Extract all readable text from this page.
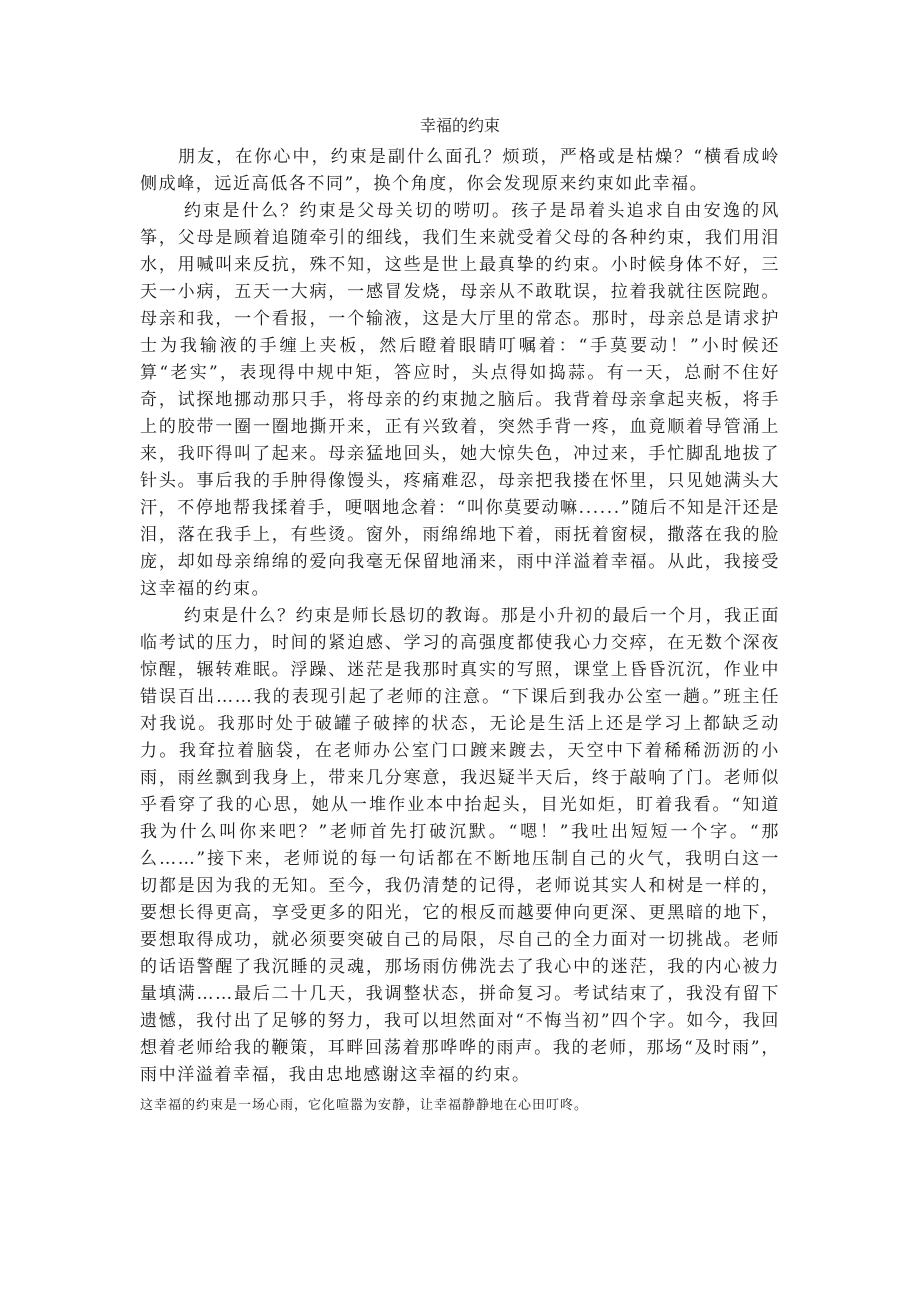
幸福的约束

朋友，在你心中，约束是副什么面孔？烦琐，严格或是枯燥？“横看成岭侧成峰，远近高低各不同”，换个角度，你会发现原来约束如此幸福。

约束是什么？约束是父母关切的唠叨。孩子是昂着头追求自由安逸的风筝，父母是顾着追随牵引的细线，我们生来就受着父母的各种约束，我们用泪水，用喊叫来反抗，殊不知，这些是世上最真挚的约束。小时候身体不好，三天一小病，五天一大病，一感冒发烧，母亲从不敢耽误，拉着我就往医院跑。母亲和我，一个看报，一个输液，这是大厅里的常态。那时，母亲总是请求护士为我输液的手缠上夹板，然后瞪着眼睛叮嘱着：“手莫要动！”小时候还算“老实”，表现得中规中矩，答应时，头点得如捣蒜。有一天，总耐不住好奇，试探地挪动那只手，将母亲的约束抛之脑后。我背着母亲拿起夹板，将手上的胶带一圈一圈地撕开来，正有兴致着，突然手背一疼，血竟顺着导管涌上来，我吓得叫了起来。母亲猛地回头，她大惊失色，冲过来，手忙脚乱地拔了针头。事后我的手肿得像馒头，疼痛难忍，母亲把我搂在怀里，只见她满头大汗，不停地帮我揉着手，哽咽地念着：“叫你莫要动嘛......”随后不知是汗还是泪，落在我手上，有些烫。窗外，雨绵绵地下着，雨抚着窗棂，撒落在我的脸庞，却如母亲绵绵的爱向我毫无保留地涌来，雨中洋溢着幸福。从此，我接受这幸福的约束。

约束是什么？约束是师长恳切的教诲。那是小升初的最后一个月，我正面临考试的压力，时间的紧迫感、学习的高强度都使我心力交瘁，在无数个深夜惊醒，辗转难眠。浮躁、迷茫是我那时真实的写照，课堂上昏昏沉沉，作业中错误百出……我的表现引起了老师的注意。“下课后到我办公室一趟。”班主任对我说。我那时处于破罐子破摔的状态，无论是生活上还是学习上都缺乏动力。我耷拉着脑袋，在老师办公室门口踱来踱去，天空中下着稀稀沥沥的小雨，雨丝飘到我身上，带来几分寒意，我迟疑半天后，终于敲响了门。老师似乎看穿了我的心思，她从一堆作业本中抬起头，目光如炬，盯着我看。“知道我为什么叫你来吧？”老师首先打破沉默。“嗯！”我吐出短短一个字。“那么……”接下来，老师说的每一句话都在不断地压制自己的火气，我明白这一切都是因为我的无知。至今，我仍清楚的记得，老师说其实人和树是一样的，要想长得更高，享受更多的阳光，它的根反而越要伸向更深、更黑暗的地下，要想取得成功，就必须要突破自己的局限，尽自己的全力面对一切挑战。老师的话语警醒了我沉睡的灵魂，那场雨仿佛洗去了我心中的迷茫，我的内心被力量填满……最后二十几天，我调整状态，拼命复习。考试结束了，我没有留下遗憾，我付出了足够的努力，我可以坦然面对“不悔当初”四个字。如今，我回想着老师给我的鞭策，耳畔回荡着那哗哗的雨声。我的老师，那场“及时雨”，雨中洋溢着幸福，我由忠地感谢这幸福的约束。

这幸福的约束是一场心雨，它化喧嚣为安静，让幸福静静地在心田叮咚。
